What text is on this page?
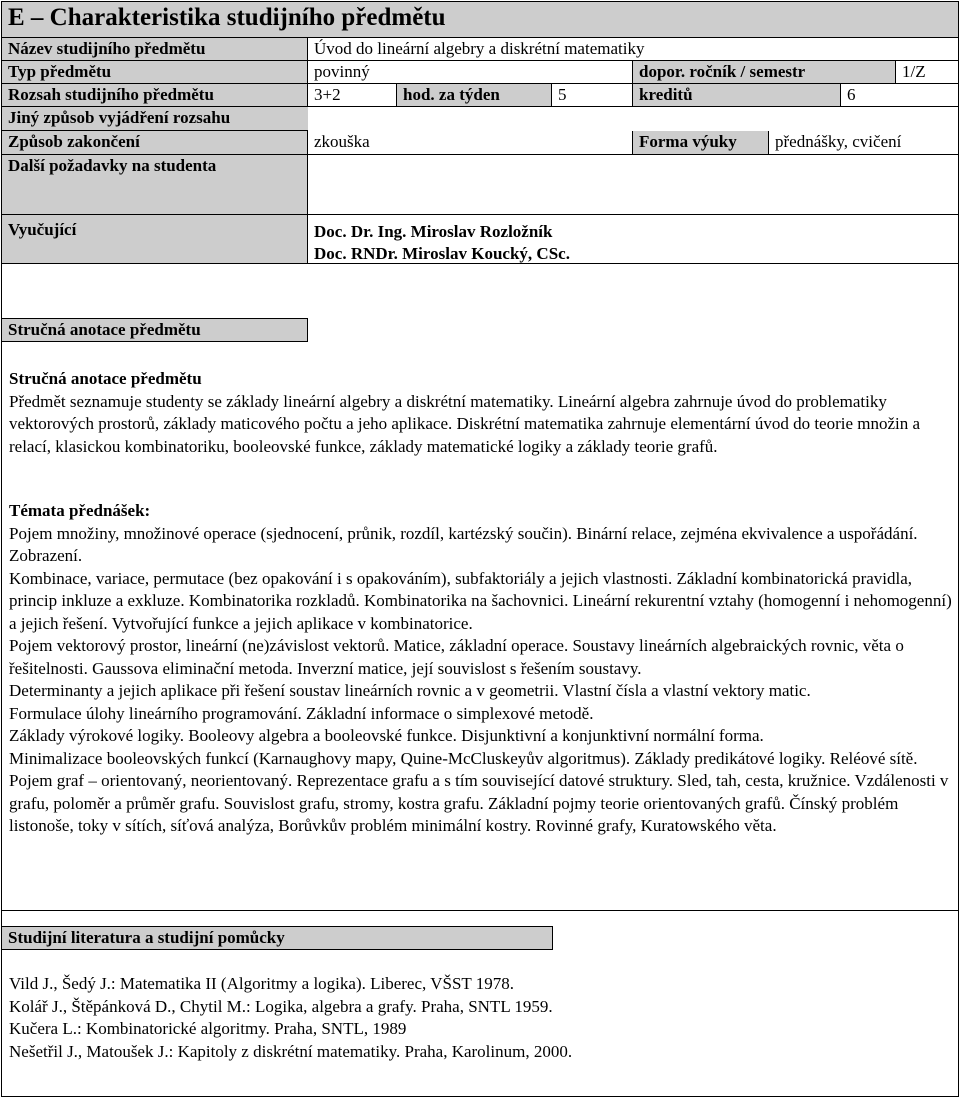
E – Charakteristika studijního předmětu
Název studijního předmětu	Úvod do lineární algebry a diskrétní matematiky
Typ předmětu	povinný	dopor. ročník / semestr	1/Z
Rozsah studijního předmětu	3+2	hod. za týden	5	kreditů	6
Jiný způsob vyjádření rozsahu
Způsob zakončení	zkouška	Forma výuky	přednášky, cvičení
Další požadavky na studenta
Vyučující	Doc. Dr. Ing. Miroslav Rozložník
Doc. RNDr. Miroslav Koucký, CSc.
Stručná anotace předmětu

Stručná anotace předmětu

Předmět seznamuje studenty se základy lineární algebry a diskrétní matematiky. Lineární algebra zahrnuje úvod do problematiky vektorových prostorů, základy maticového počtu a jeho aplikace. Diskrétní matematika zahrnuje elementární úvod do teorie množin a relací, klasickou kombinatoriku, booleovské funkce, základy matematické logiky a základy teorie grafů.

Témata přednášek:

Pojem množiny, množinové operace (sjednocení, průnik, rozdíl, kartézský součin). Binární relace, zejména ekvivalence a uspořádání. Zobrazení.

Kombinace, variace, permutace (bez opakování i s opakováním), subfaktoriály a jejich vlastnosti. Základní kombinatorická pravidla, princip inkluze a exkluze. Kombinatorika rozkladů. Kombinatorika na šachovnici. Lineární rekurentní vztahy (homogenní i nehomogenní) a jejich řešení. Vytvořující funkce a jejich aplikace v kombinatorice.

Pojem vektorový prostor, lineární (ne)závislost vektorů. Matice, základní operace. Soustavy lineárních algebraických rovnic, věta o řešitelnosti. Gaussova eliminační metoda. Inverzní matice, její souvislost s řešením soustavy.

Determinanty a jejich aplikace při řešení soustav lineárních rovnic a v geometrii. Vlastní čísla a vlastní vektory matic.

Formulace úlohy lineárního programování. Základní informace o simplexové metodě.

Základy výrokové logiky. Booleovy algebra a booleovské funkce. Disjunktivní a konjunktivní normální forma.

Minimalizace booleovských funkcí (Karnaughovy mapy, Quine-McCluskeyův algoritmus). Základy predikátové logiky. Reléové sítě.

Pojem graf – orientovaný, neorientovaný. Reprezentace grafu a s tím související datové struktury. Sled, tah, cesta, kružnice. Vzdálenosti v grafu, poloměr a průměr grafu. Souvislost grafu, stromy, kostra grafu. Základní pojmy teorie orientovaných grafů. Čínský problém listonoše, toky v sítích, síťová analýza, Borůvkův problém minimální kostry. Rovinné grafy, Kuratowského věta.

Studijní literatura a studijní pomůcky

Vild J., Šedý J.: Matematika II (Algoritmy a logika). Liberec, VŠST 1978.

Kolář J., Štěpánková D., Chytil M.: Logika, algebra a grafy. Praha, SNTL 1959.

Kučera L.: Kombinatorické algoritmy. Praha, SNTL, 1989

Nešetřil J., Matoušek J.: Kapitoly z diskrétní matematiky. Praha, Karolinum, 2000.
